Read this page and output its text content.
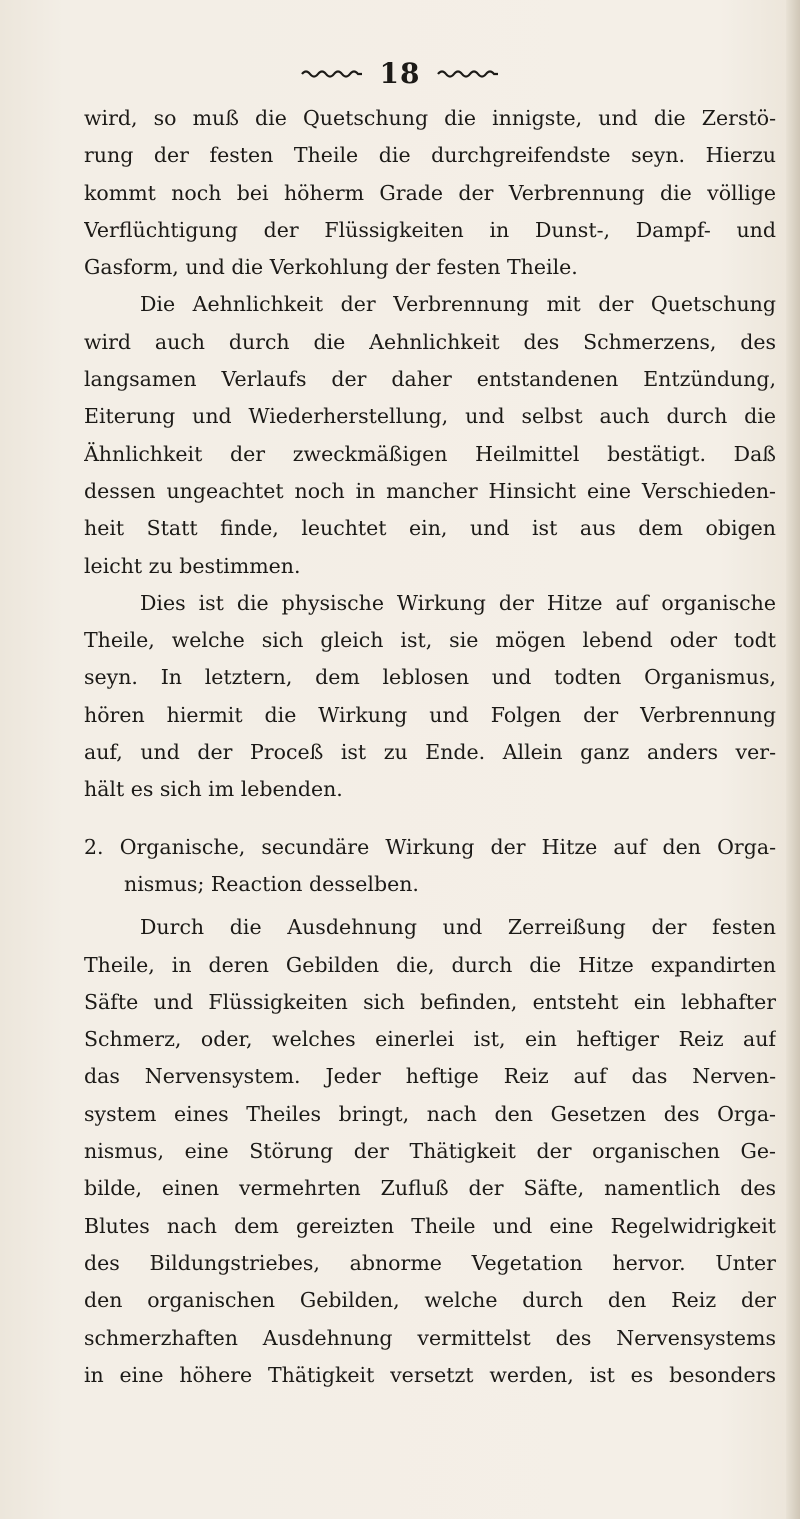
18
wird, so muß die Quetschung die innigste, und die Zerstö-
rung der festen Theile die durchgreifendste seyn. Hierzu
kommt noch bei höherm Grade der Verbrennung die völlige
Verflüchtigung der Flüssigkeiten in Dunst-, Dampf- und
Gasform, und die Verkohlung der festen Theile.
Die Aehnlichkeit der Verbrennung mit der Quetschung
wird auch durch die Aehnlichkeit des Schmerzens, des
langsamen Verlaufs der daher entstandenen Entzündung,
Eiterung und Wiederherstellung, und selbst auch durch die
Ähnlichkeit der zweckmäßigen Heilmittel bestätigt. Daß
dessen ungeachtet noch in mancher Hinsicht eine Verschieden-
heit Statt finde, leuchtet ein, und ist aus dem obigen
leicht zu bestimmen.
Dies ist die physische Wirkung der Hitze auf organische
Theile, welche sich gleich ist, sie mögen lebend oder todt
seyn. In letztern, dem leblosen und todten Organismus,
hören hiermit die Wirkung und Folgen der Verbrennung
auf, und der Proceß ist zu Ende. Allein ganz anders ver-
hält es sich im lebenden.
2. Organische, secundäre Wirkung der Hitze auf den Orga-
nismus; Reaction desselben.
Durch die Ausdehnung und Zerreißung der festen
Theile, in deren Gebilden die, durch die Hitze expandirten
Säfte und Flüssigkeiten sich befinden, entsteht ein lebhafter
Schmerz, oder, welches einerlei ist, ein heftiger Reiz auf
das Nervensystem. Jeder heftige Reiz auf das Nerven-
system eines Theiles bringt, nach den Gesetzen des Orga-
nismus, eine Störung der Thätigkeit der organischen Ge-
bilde, einen vermehrten Zufluß der Säfte, namentlich des
Blutes nach dem gereizten Theile und eine Regelwidrigkeit
des Bildungstriebes, abnorme Vegetation hervor. Unter
den organischen Gebilden, welche durch den Reiz der
schmerzhaften Ausdehnung vermittelst des Nervensystems
in eine höhere Thätigkeit versetzt werden, ist es besonders
